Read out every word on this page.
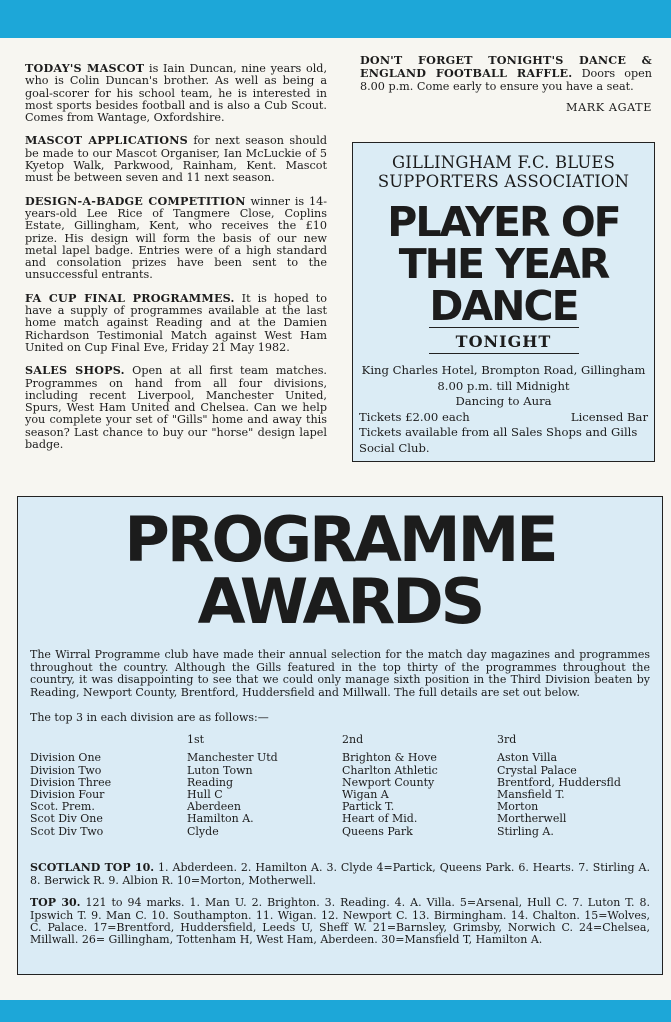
TODAY'S MASCOT is Iain Duncan, nine years old, who is Colin Duncan's brother. As well as being a goal-scorer for his school team, he is interested in most sports besides football and is also a Cub Scout. Comes from Wantage, Oxfordshire.

MASCOT APPLICATIONS for next season should be made to our Mascot Organiser, Ian McLuckie of 5 Kyetop Walk, Parkwood, Rainham, Kent. Mascot must be between seven and 11 next season.

DESIGN-A-BADGE COMPETITION winner is 14-years-old Lee Rice of Tangmere Close, Coplins Estate, Gillingham, Kent, who receives the £10 prize. His design will form the basis of our new metal lapel badge. Entries were of a high standard and consolation prizes have been sent to the unsuccessful entrants.

FA CUP FINAL PROGRAMMES. It is hoped to have a supply of programmes available at the last home match against Reading and at the Damien Richardson Testimonial Match against West Ham United on Cup Final Eve, Friday 21 May 1982.

SALES SHOPS. Open at all first team matches. Programmes on hand from all four divisions, including recent Liverpool, Manchester United, Spurs, West Ham United and Chelsea. Can we help you complete your set of "Gills" home and away this season? Last chance to buy our "horse" design lapel badge.

DON'T FORGET TONIGHT'S DANCE & ENGLAND FOOTBALL RAFFLE. Doors open 8.00 p.m. Come early to ensure you have a seat.

MARK AGATE

GILLINGHAM F.C. BLUES
SUPPORTERS ASSOCIATION
PLAYER OF
THE YEAR
DANCE
TONIGHT
King Charles Hotel, Brompton Road, Gillingham
8.00 p.m. till Midnight
Dancing to Aura
Tickets £2.00 each	Licensed Bar
Tickets available from all Sales Shops and Gills Social Club.
PROGRAMME
AWARDS

The Wirral Programme club have made their annual selection for the match day magazines and programmes throughout the country. Although the Gills featured in the top thirty of the programmes throughout the country, it was disappointing to see that we could only manage sixth position in the Third Division beaten by Reading, Newport County, Brentford, Huddersfield and Millwall. The full details are set out below.

The top 3 in each division are as follows:—

Division One
Division Two
Division Three
Division Four
Scot. Prem.
Scot Div One
Scot Div Two
1st
Manchester Utd
Luton Town
Reading
Hull C
Aberdeen
Hamilton A.
Clyde
2nd
Brighton & Hove
Charlton Athletic
Newport County
Wigan A
Partick T.
Heart of Mid.
Queens Park
3rd
Aston Villa
Crystal Palace
Brentford, Huddersfld
Mansfield T.
Morton
Mortherwell
Stirling A.

SCOTLAND TOP 10. 1. Abderdeen. 2. Hamilton A. 3. Clyde 4=Partick, Queens Park. 6. Hearts. 7. Stirling A. 8. Berwick R. 9. Albion R. 10=Morton, Motherwell.

TOP 30. 121 to 94 marks. 1. Man U. 2. Brighton. 3. Reading. 4. A. Villa. 5=Arsenal, Hull C. 7. Luton T. 8. Ipswich T. 9. Man C. 10. Southampton. 11. Wigan. 12. Newport C. 13. Birmingham. 14. Chalton. 15=Wolves, C. Palace. 17=Brentford, Huddersfield, Leeds U, Sheff W. 21=Barnsley, Grimsby, Norwich C. 24=Chelsea, Millwall. 26= Gillingham, Tottenham H, West Ham, Aberdeen. 30=Mansfield T, Hamilton A.
